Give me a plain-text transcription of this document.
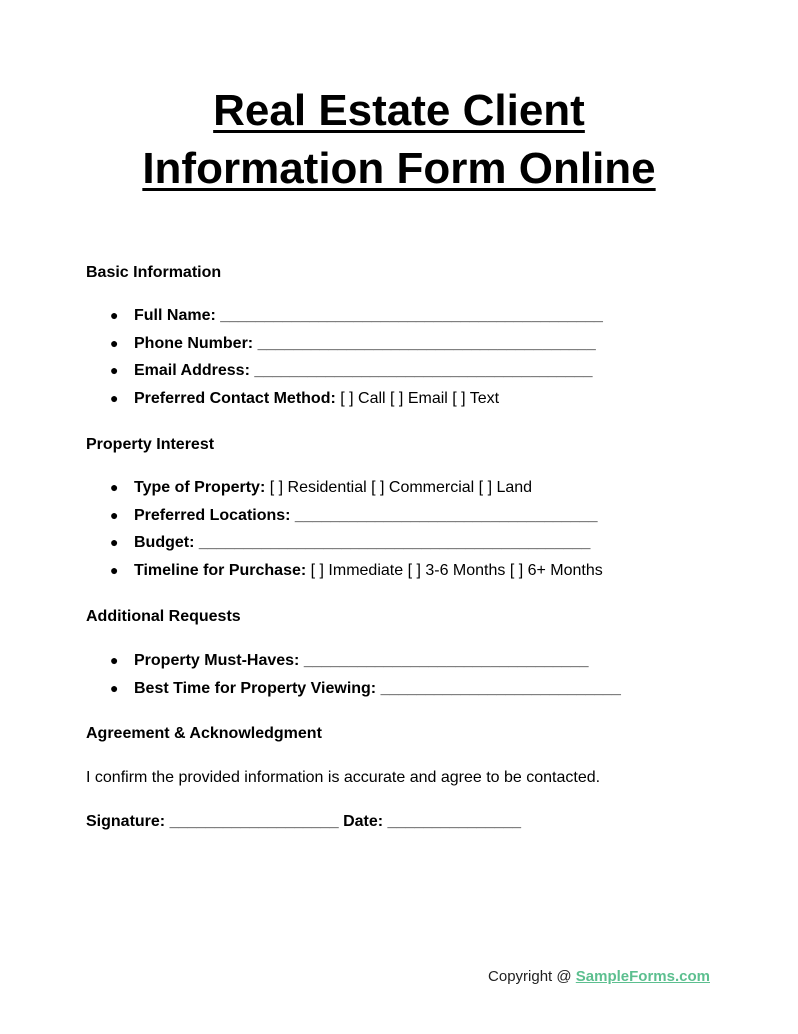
Real Estate Client
Information Form Online
Basic Information
● Full Name: ___________________________________________
● Phone Number: ______________________________________
● Email Address: ______________________________________
● Preferred Contact Method: [ ] Call [ ] Email [ ] Text
Property Interest
● Type of Property: [ ] Residential [ ] Commercial [ ] Land
● Preferred Locations: __________________________________
● Budget: ____________________________________________
● Timeline for Purchase: [ ] Immediate [ ] 3-6 Months [ ] 6+ Months
Additional Requests
● Property Must-Haves: ________________________________
● Best Time for Property Viewing: ___________________________
Agreement & Acknowledgment
I confirm the provided information is accurate and agree to be contacted.
Signature: ___________________ Date: _______________
Copyright @ SampleForms.com
